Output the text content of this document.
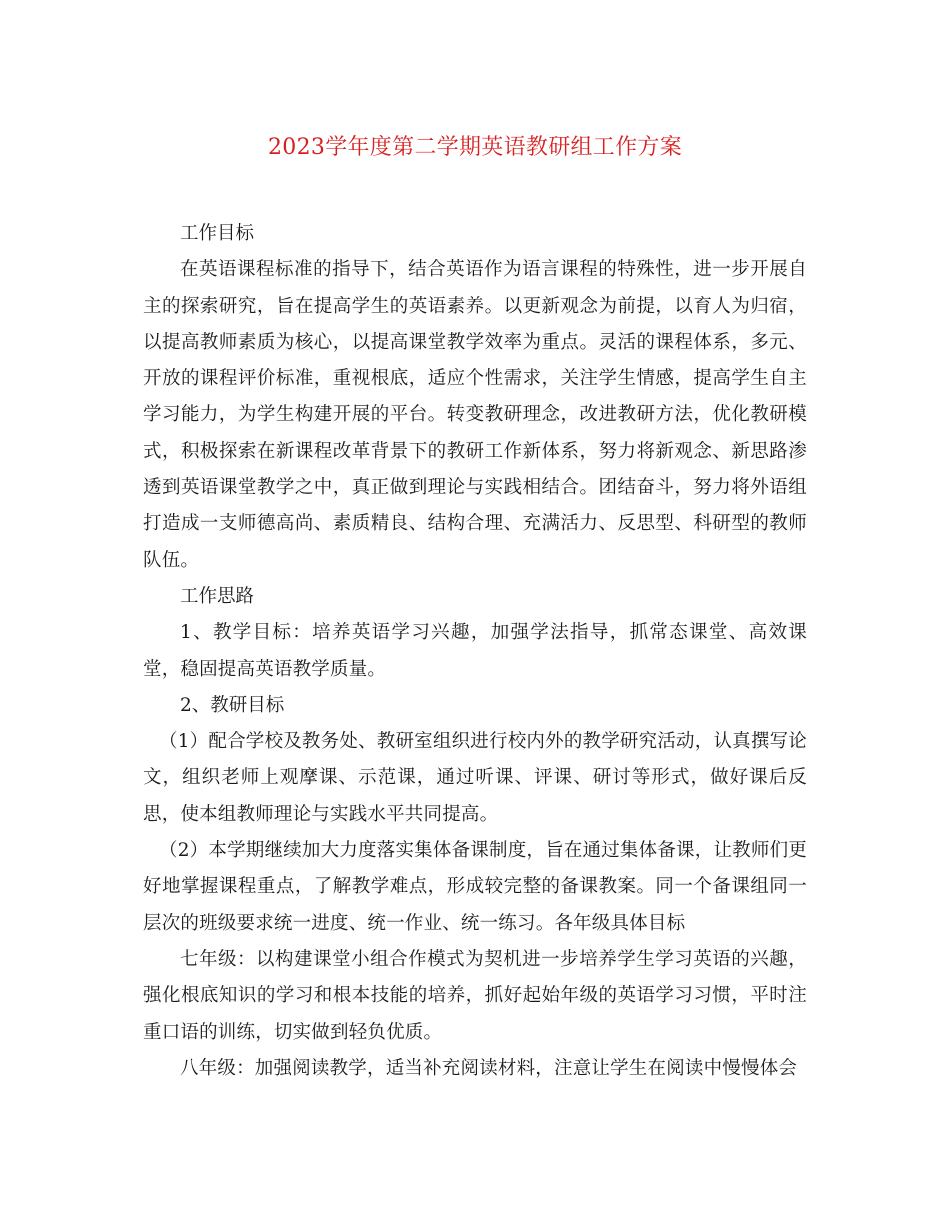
2023学年度第二学期英语教研组工作方案

工作目标

在英语课程标准的指导下，结合英语作为语言课程的特殊性，进一步开展自主的探索研究，旨在提高学生的英语素养。以更新观念为前提，以育人为归宿，以提高教师素质为核心，以提高课堂教学效率为重点。灵活的课程体系，多元、开放的课程评价标准，重视根底，适应个性需求，关注学生情感，提高学生自主学习能力，为学生构建开展的平台。转变教研理念，改进教研方法，优化教研模式，积极探索在新课程改革背景下的教研工作新体系，努力将新观念、新思路渗透到英语课堂教学之中，真正做到理论与实践相结合。团结奋斗，努力将外语组打造成一支师德高尚、素质精良、结构合理、充满活力、反思型、科研型的教师队伍。

工作思路

1、教学目标：培养英语学习兴趣，加强学法指导，抓常态课堂、高效课堂，稳固提高英语教学质量。

2、教研目标

（1）配合学校及教务处、教研室组织进行校内外的教学研究活动，认真撰写论文，组织老师上观摩课、示范课，通过听课、评课、研讨等形式，做好课后反思，使本组教师理论与实践水平共同提高。

（2）本学期继续加大力度落实集体备课制度，旨在通过集体备课，让教师们更好地掌握课程重点，了解教学难点，形成较完整的备课教案。同一个备课组同一层次的班级要求统一进度、统一作业、统一练习。各年级具体目标

七年级：以构建课堂小组合作模式为契机进一步培养学生学习英语的兴趣，强化根底知识的学习和根本技能的培养，抓好起始年级的英语学习习惯，平时注重口语的训练，切实做到轻负优质。

八年级：加强阅读教学，适当补充阅读材料，注意让学生在阅读中慢慢体会
